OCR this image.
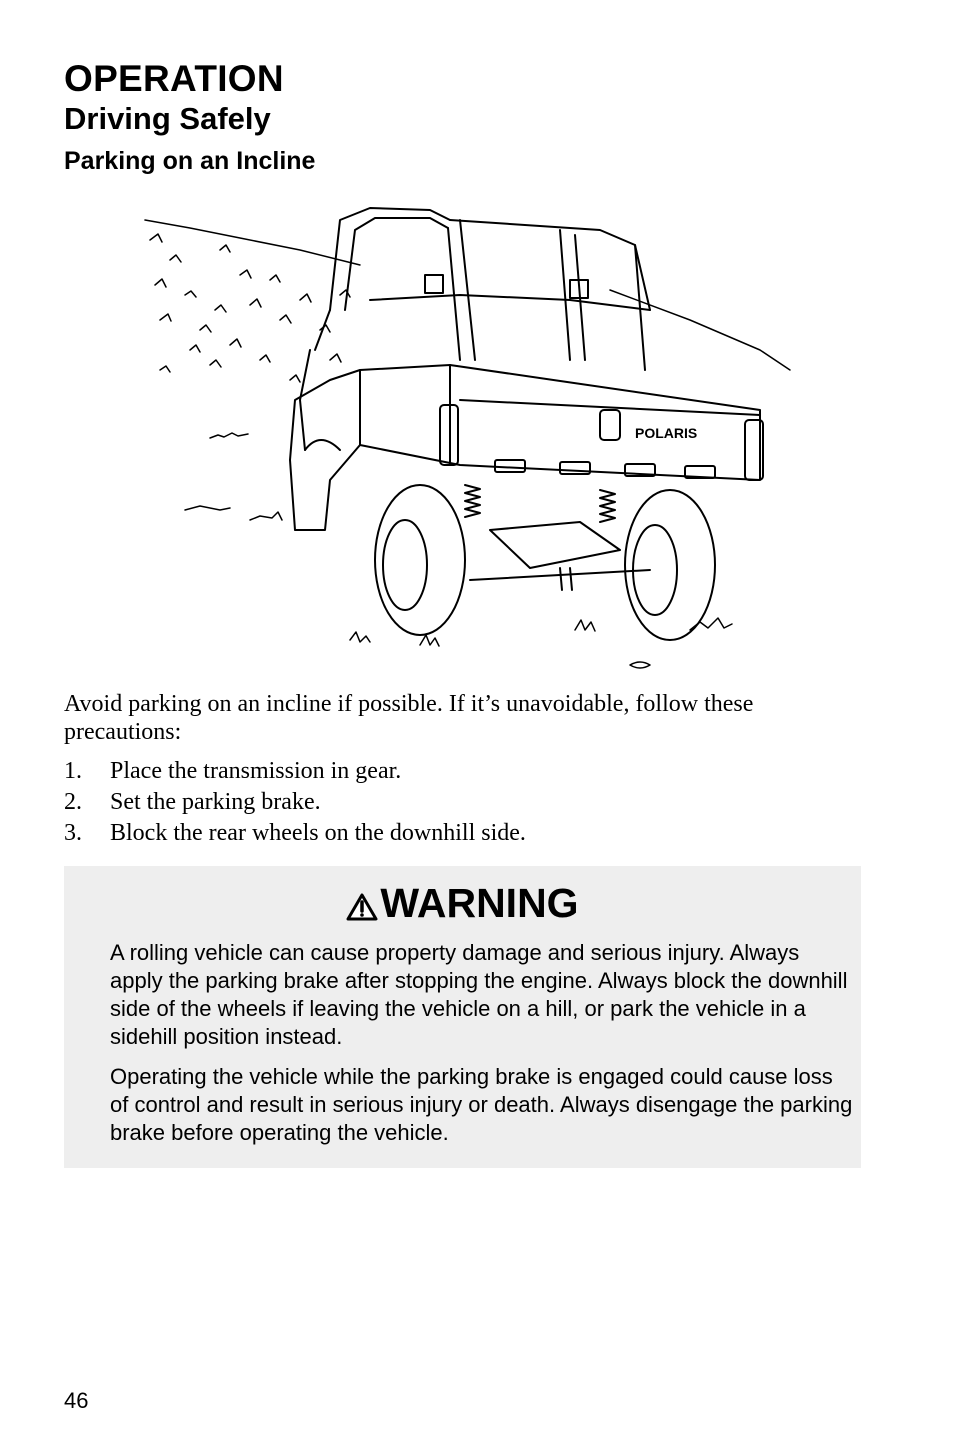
OPERATION
Driving Safely
Parking on an Incline
POLARIS
Avoid parking on an incline if possible. If it’s unavoidable, follow these precautions:
1.	Place the transmission in gear.
2.	Set the parking brake.
3.	Block the rear wheels on the downhill side.
WARNING
A rolling vehicle can cause property damage and serious injury. Always apply the parking brake after stopping the engine. Always block the downhill side of the wheels if leaving the vehicle on a hill, or park the vehicle in a sidehill position instead.
Operating the vehicle while the parking brake is engaged could cause loss of control and result in serious injury or death. Always disengage the parking brake before operating the vehicle.
46
